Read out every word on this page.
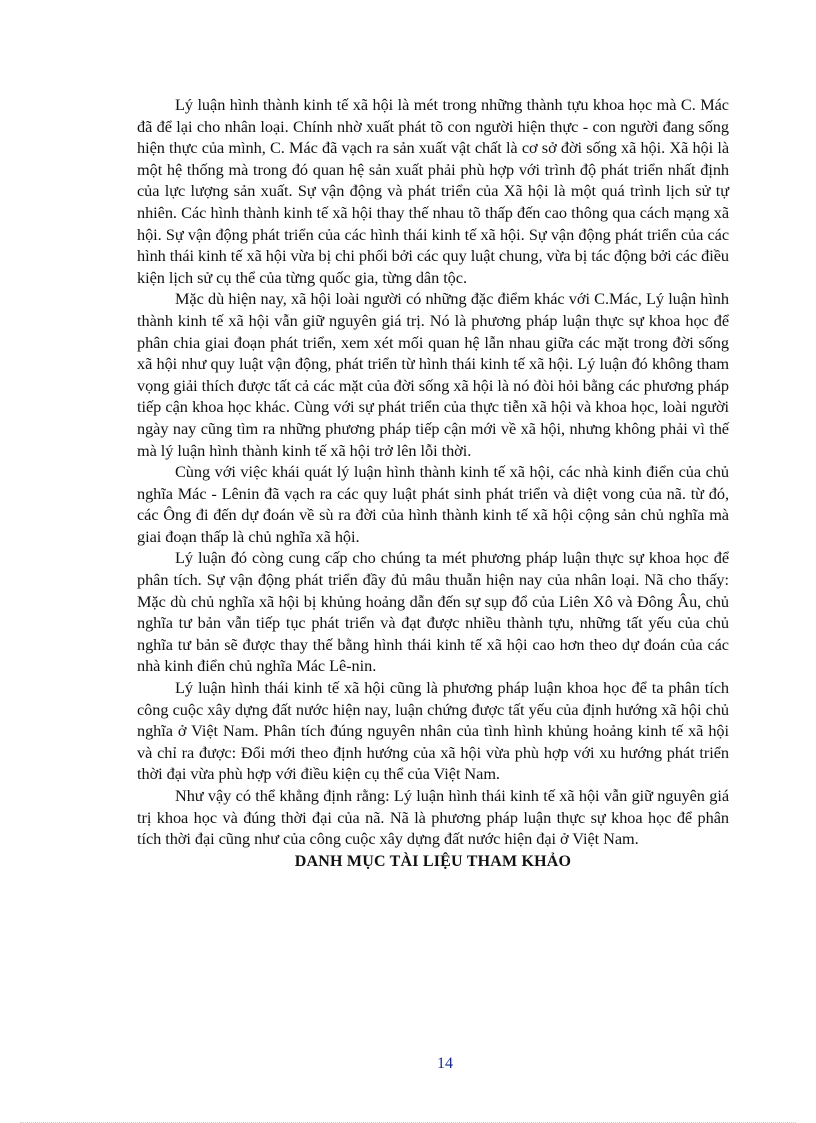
Lý luận hình thành kinh tế xã hội là mét trong những thành tựu khoa học mà C. Mác đã để lại cho nhân loại. Chính nhờ xuất phát tõ con người hiện thực - con người đang sống hiện thực của mình, C. Mác đã vạch ra sản xuất vật chất là cơ sở đời sống xã hội. Xã hội là một hệ thống mà trong đó quan hệ sản xuất phải phù hợp với trình độ phát triển nhất định của lực lượng sản xuất. Sự vận động và phát triển của Xã hội là một quá trình lịch sử tự nhiên. Các hình thành kinh tế xã hội thay thế nhau tõ thấp đến cao thông qua cách mạng xã hội. Sự vận động phát triển của các hình thái kinh tế xã hội. Sự vận động phát triển của các hình thái kinh tế xã hội vừa bị chi phối bởi các quy luật chung, vừa bị tác động bởi các điều kiện lịch sử cụ thể của từng quốc gia, từng dân tộc.

Mặc dù hiện nay, xã hội loài người có những đặc điểm khác với C.Mác, Lý luận hình thành kinh tế xã hội vẫn giữ nguyên giá trị. Nó là phương pháp luận thực sự khoa học để phân chia giai đoạn phát triển, xem xét mối quan hệ lẫn nhau giữa các mặt trong đời sống xã hội như quy luật vận động, phát triển từ hình thái kinh tế xã hội. Lý luận đó không tham vọng giải thích được tất cả các mặt của đời sống xã hội là nó đòi hỏi bằng các phương pháp tiếp cận khoa học khác. Cùng với sự phát triển của thực tiễn xã hội và khoa học, loài người ngày nay cũng tìm ra những phương pháp tiếp cận mới về xã hội, nhưng không phải vì thế mà lý luận hình thành kinh tế xã hội trở lên lỗi thời.

Cùng với việc khái quát lý luận hình thành kinh tế xã hội, các nhà kinh điển của chủ nghĩa Mác - Lênin đã vạch ra các quy luật phát sinh phát triển và diệt vong của nã. từ đó, các Ông đi đến dự đoán về sù ra đời của hình thành kinh tế xã hội cộng sản chủ nghĩa mà giai đoạn thấp là chủ nghĩa xã hội.

Lý luận đó còng cung cấp cho chúng ta mét phương pháp luận thực sự khoa học để phân tích. Sự vận động phát triển đầy đủ mâu thuẫn hiện nay của nhân loại. Nã cho thấy: Mặc dù chủ nghĩa xã hội bị khủng hoảng dẫn đến sự sụp đổ của Liên Xô và Đông Âu, chủ nghĩa tư bản vẫn tiếp tục phát triển và đạt được nhiều thành tựu, những tất yếu của chủ nghĩa tư bản sẽ được thay thế bằng hình thái kinh tế xã hội cao hơn theo dự đoán của các nhà kinh điển chủ nghĩa Mác Lê-nin.

Lý luận hình thái kinh tế xã hội cũng là phương pháp luận khoa học để ta phân tích công cuộc xây dựng đất nước hiện nay, luận chứng được tất yếu của định hướng xã hội chủ nghĩa ở Việt Nam. Phân tích đúng nguyên nhân của tình hình khủng hoảng kinh tế xã hội và chỉ ra được: Đổi mới theo định hướng của xã hội vừa phù hợp với xu hướng phát triển thời đại vừa phù hợp với điều kiện cụ thể của Việt Nam.

Như vậy có thể khẳng định rằng: Lý luận hình thái kinh tế xã hội vẫn giữ nguyên giá trị khoa học và đúng thời đại của nã. Nã là phương pháp luận thực sự khoa học để phân tích thời đại cũng như của công cuộc xây dựng đất nước hiện đại ở Việt Nam.

DANH MỤC TÀI LIỆU THAM KHẢO
14
